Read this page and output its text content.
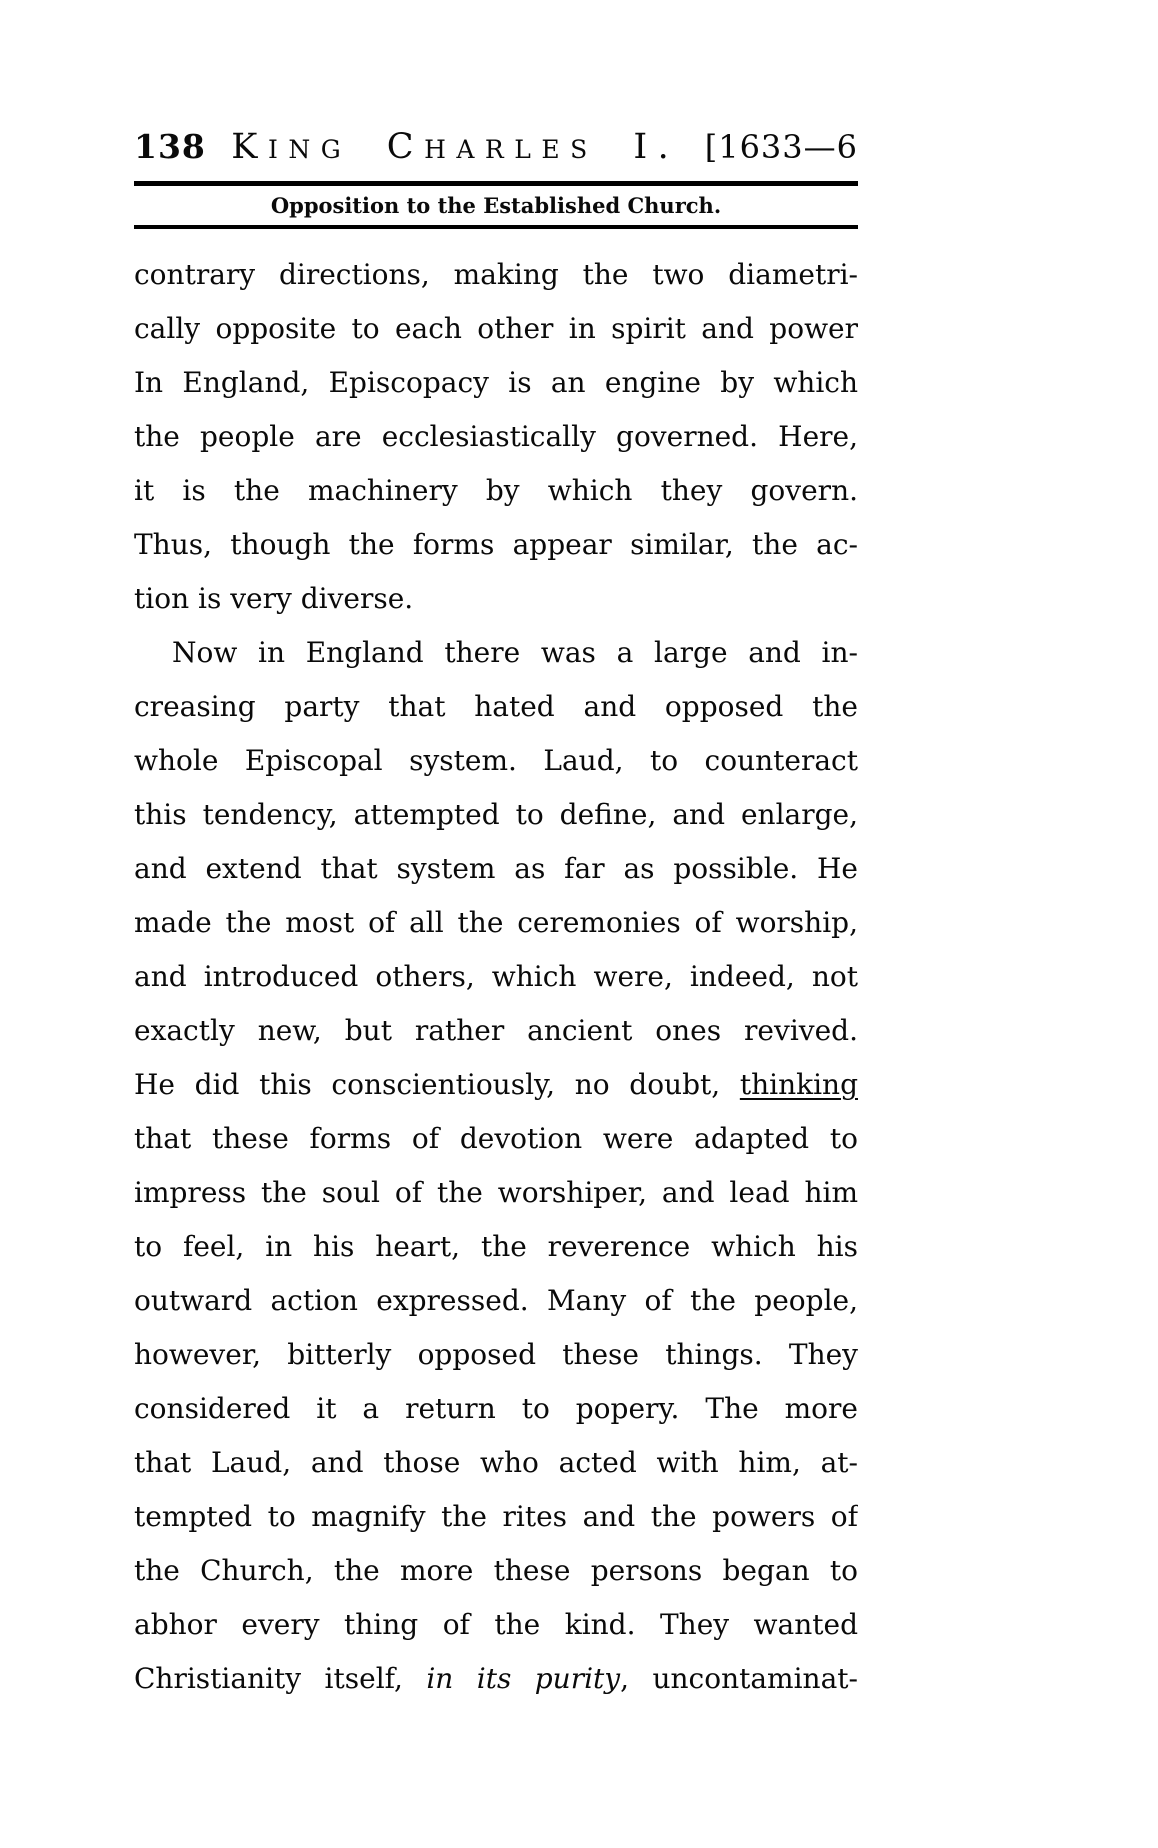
138 King Charles I. [1633—6
Opposition to the Established Church.
contrary directions, making the two diametri-
cally opposite to each other in spirit and power
In England, Episcopacy is an engine by which
the people are ecclesiastically governed. Here,
it is the machinery by which they govern.
Thus, though the forms appear similar, the ac-
tion is very diverse.
Now in England there was a large and in-
creasing party that hated and opposed the
whole Episcopal system. Laud, to counteract
this tendency, attempted to define, and enlarge,
and extend that system as far as possible. He
made the most of all the ceremonies of worship,
and introduced others, which were, indeed, not
exactly new, but rather ancient ones revived.
He did this conscientiously, no doubt, thinking
that these forms of devotion were adapted to
impress the soul of the worshiper, and lead him
to feel, in his heart, the reverence which his
outward action expressed. Many of the people,
however, bitterly opposed these things. They
considered it a return to popery. The more
that Laud, and those who acted with him, at-
tempted to magnify the rites and the powers of
the Church, the more these persons began to
abhor every thing of the kind. They wanted
Christianity itself, in its purity, uncontaminat-
